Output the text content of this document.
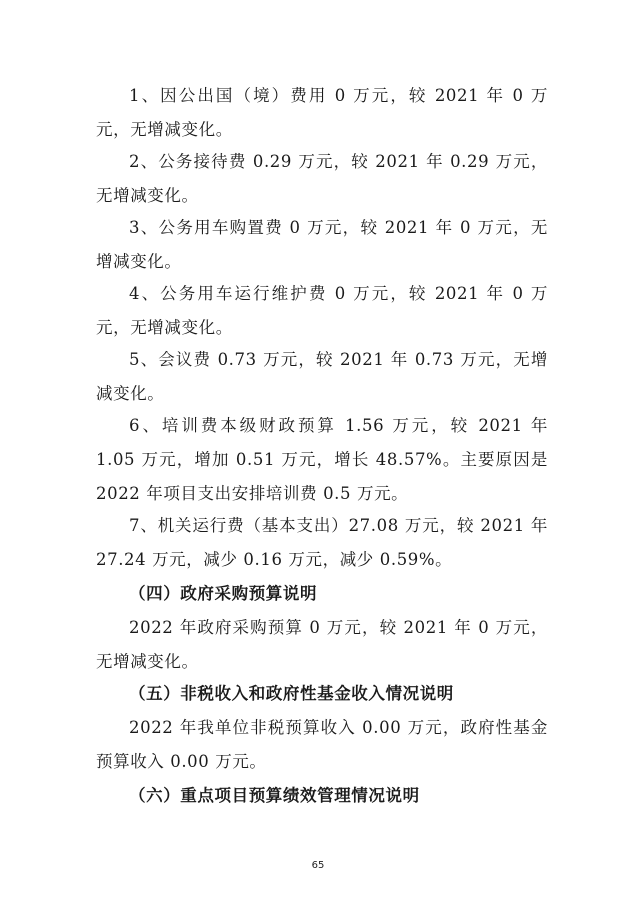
1、因公出国（境）费用 0 万元，较 2021 年 0 万元，无增减变化。

2、公务接待费 0.29 万元，较 2021 年 0.29 万元，无增减变化。

3、公务用车购置费 0 万元，较 2021 年 0 万元，无增减变化。

4、公务用车运行维护费 0 万元，较 2021 年 0 万元，无增减变化。

5、会议费 0.73 万元，较 2021 年 0.73 万元，无增减变化。

6、培训费本级财政预算 1.56 万元，较 2021 年 1.05 万元，增加 0.51 万元，增长 48.57%。主要原因是 2022 年项目支出安排培训费 0.5 万元。

7、机关运行费（基本支出）27.08 万元，较 2021 年 27.24 万元，减少 0.16 万元，减少 0.59%。

（四）政府采购预算说明

2022 年政府采购预算 0 万元，较 2021 年 0 万元，无增减变化。

（五）非税收入和政府性基金收入情况说明

2022 年我单位非税预算收入 0.00 万元，政府性基金预算收入 0.00 万元。

（六）重点项目预算绩效管理情况说明

65
